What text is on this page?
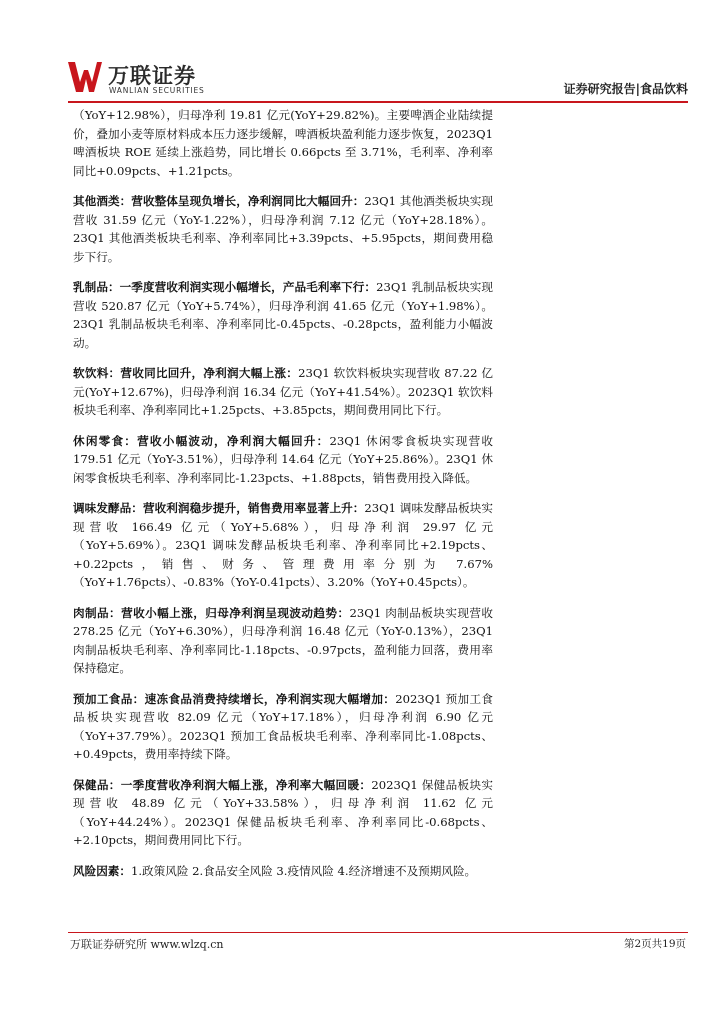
万联证券
WANLIAN SECURITIES	证券研究报告|食品饮料

（YoY+12.98%），归母净利 19.81 亿元(YoY+29.82%)。主要啤酒企业陆续提价，叠加小麦等原材料成本压力逐步缓解，啤酒板块盈利能力逐步恢复，2023Q1 啤酒板块 ROE 延续上涨趋势，同比增长 0.66pcts 至 3.71%，毛利率、净利率同比+0.09pcts、+1.21pcts。

其他酒类：营收整体呈现负增长，净利润同比大幅回升：23Q1 其他酒类板块实现营收 31.59 亿元（YoY-1.22%），归母净利润 7.12 亿元（YoY+28.18%）。23Q1 其他酒类板块毛利率、净利率同比+3.39pcts、+5.95pcts，期间费用稳步下行。

乳制品：一季度营收利润实现小幅增长，产品毛利率下行：23Q1 乳制品板块实现营收 520.87 亿元（YoY+5.74%），归母净利润 41.65 亿元（YoY+1.98%）。23Q1 乳制品板块毛利率、净利率同比-0.45pcts、-0.28pcts，盈利能力小幅波动。

软饮料：营收同比回升，净利润大幅上涨：23Q1 软饮料板块实现营收 87.22 亿元(YoY+12.67%)，归母净利润 16.34 亿元（YoY+41.54%）。2023Q1 软饮料板块毛利率、净利率同比+1.25pcts、+3.85pcts，期间费用同比下行。

休闲零食：营收小幅波动，净利润大幅回升：23Q1 休闲零食板块实现营收 179.51 亿元（YoY-3.51%），归母净利 14.64 亿元（YoY+25.86%）。23Q1 休闲零食板块毛利率、净利率同比-1.23pcts、+1.88pcts，销售费用投入降低。

调味发酵品：营收利润稳步提升，销售费用率显著上升：23Q1 调味发酵品板块实现营收 166.49 亿元（YoY+5.68%），归母净利润 29.97 亿元（YoY+5.69%）。23Q1 调味发酵品板块毛利率、净利率同比+2.19pcts、+0.22pcts，销售、财务、管理费用率分别为 7.67%（YoY+1.76pcts）、-0.83%（YoY-0.41pcts）、3.20%（YoY+0.45pcts）。

肉制品：营收小幅上涨，归母净利润呈现波动趋势：23Q1 肉制品板块实现营收 278.25 亿元（YoY+6.30%），归母净利润 16.48 亿元（YoY-0.13%），23Q1 肉制品板块毛利率、净利率同比-1.18pcts、-0.97pcts，盈利能力回落，费用率保持稳定。

预加工食品：速冻食品消费持续增长，净利润实现大幅增加：2023Q1 预加工食品板块实现营收 82.09 亿元（YoY+17.18%），归母净利润 6.90 亿元（YoY+37.79%）。2023Q1 预加工食品板块毛利率、净利率同比-1.08pcts、+0.49pcts，费用率持续下降。

保健品：一季度营收净利润大幅上涨，净利率大幅回暖：2023Q1 保健品板块实现营收 48.89 亿元（YoY+33.58%），归母净利润 11.62 亿元（YoY+44.24%）。2023Q1 保健品板块毛利率、净利率同比-0.68pcts、+2.10pcts，期间费用同比下行。

风险因素：1.政策风险 2.食品安全风险 3.疫情风险 4.经济增速不及预期风险。

万联证券研究所 www.wlzq.cn	第2页共19页
